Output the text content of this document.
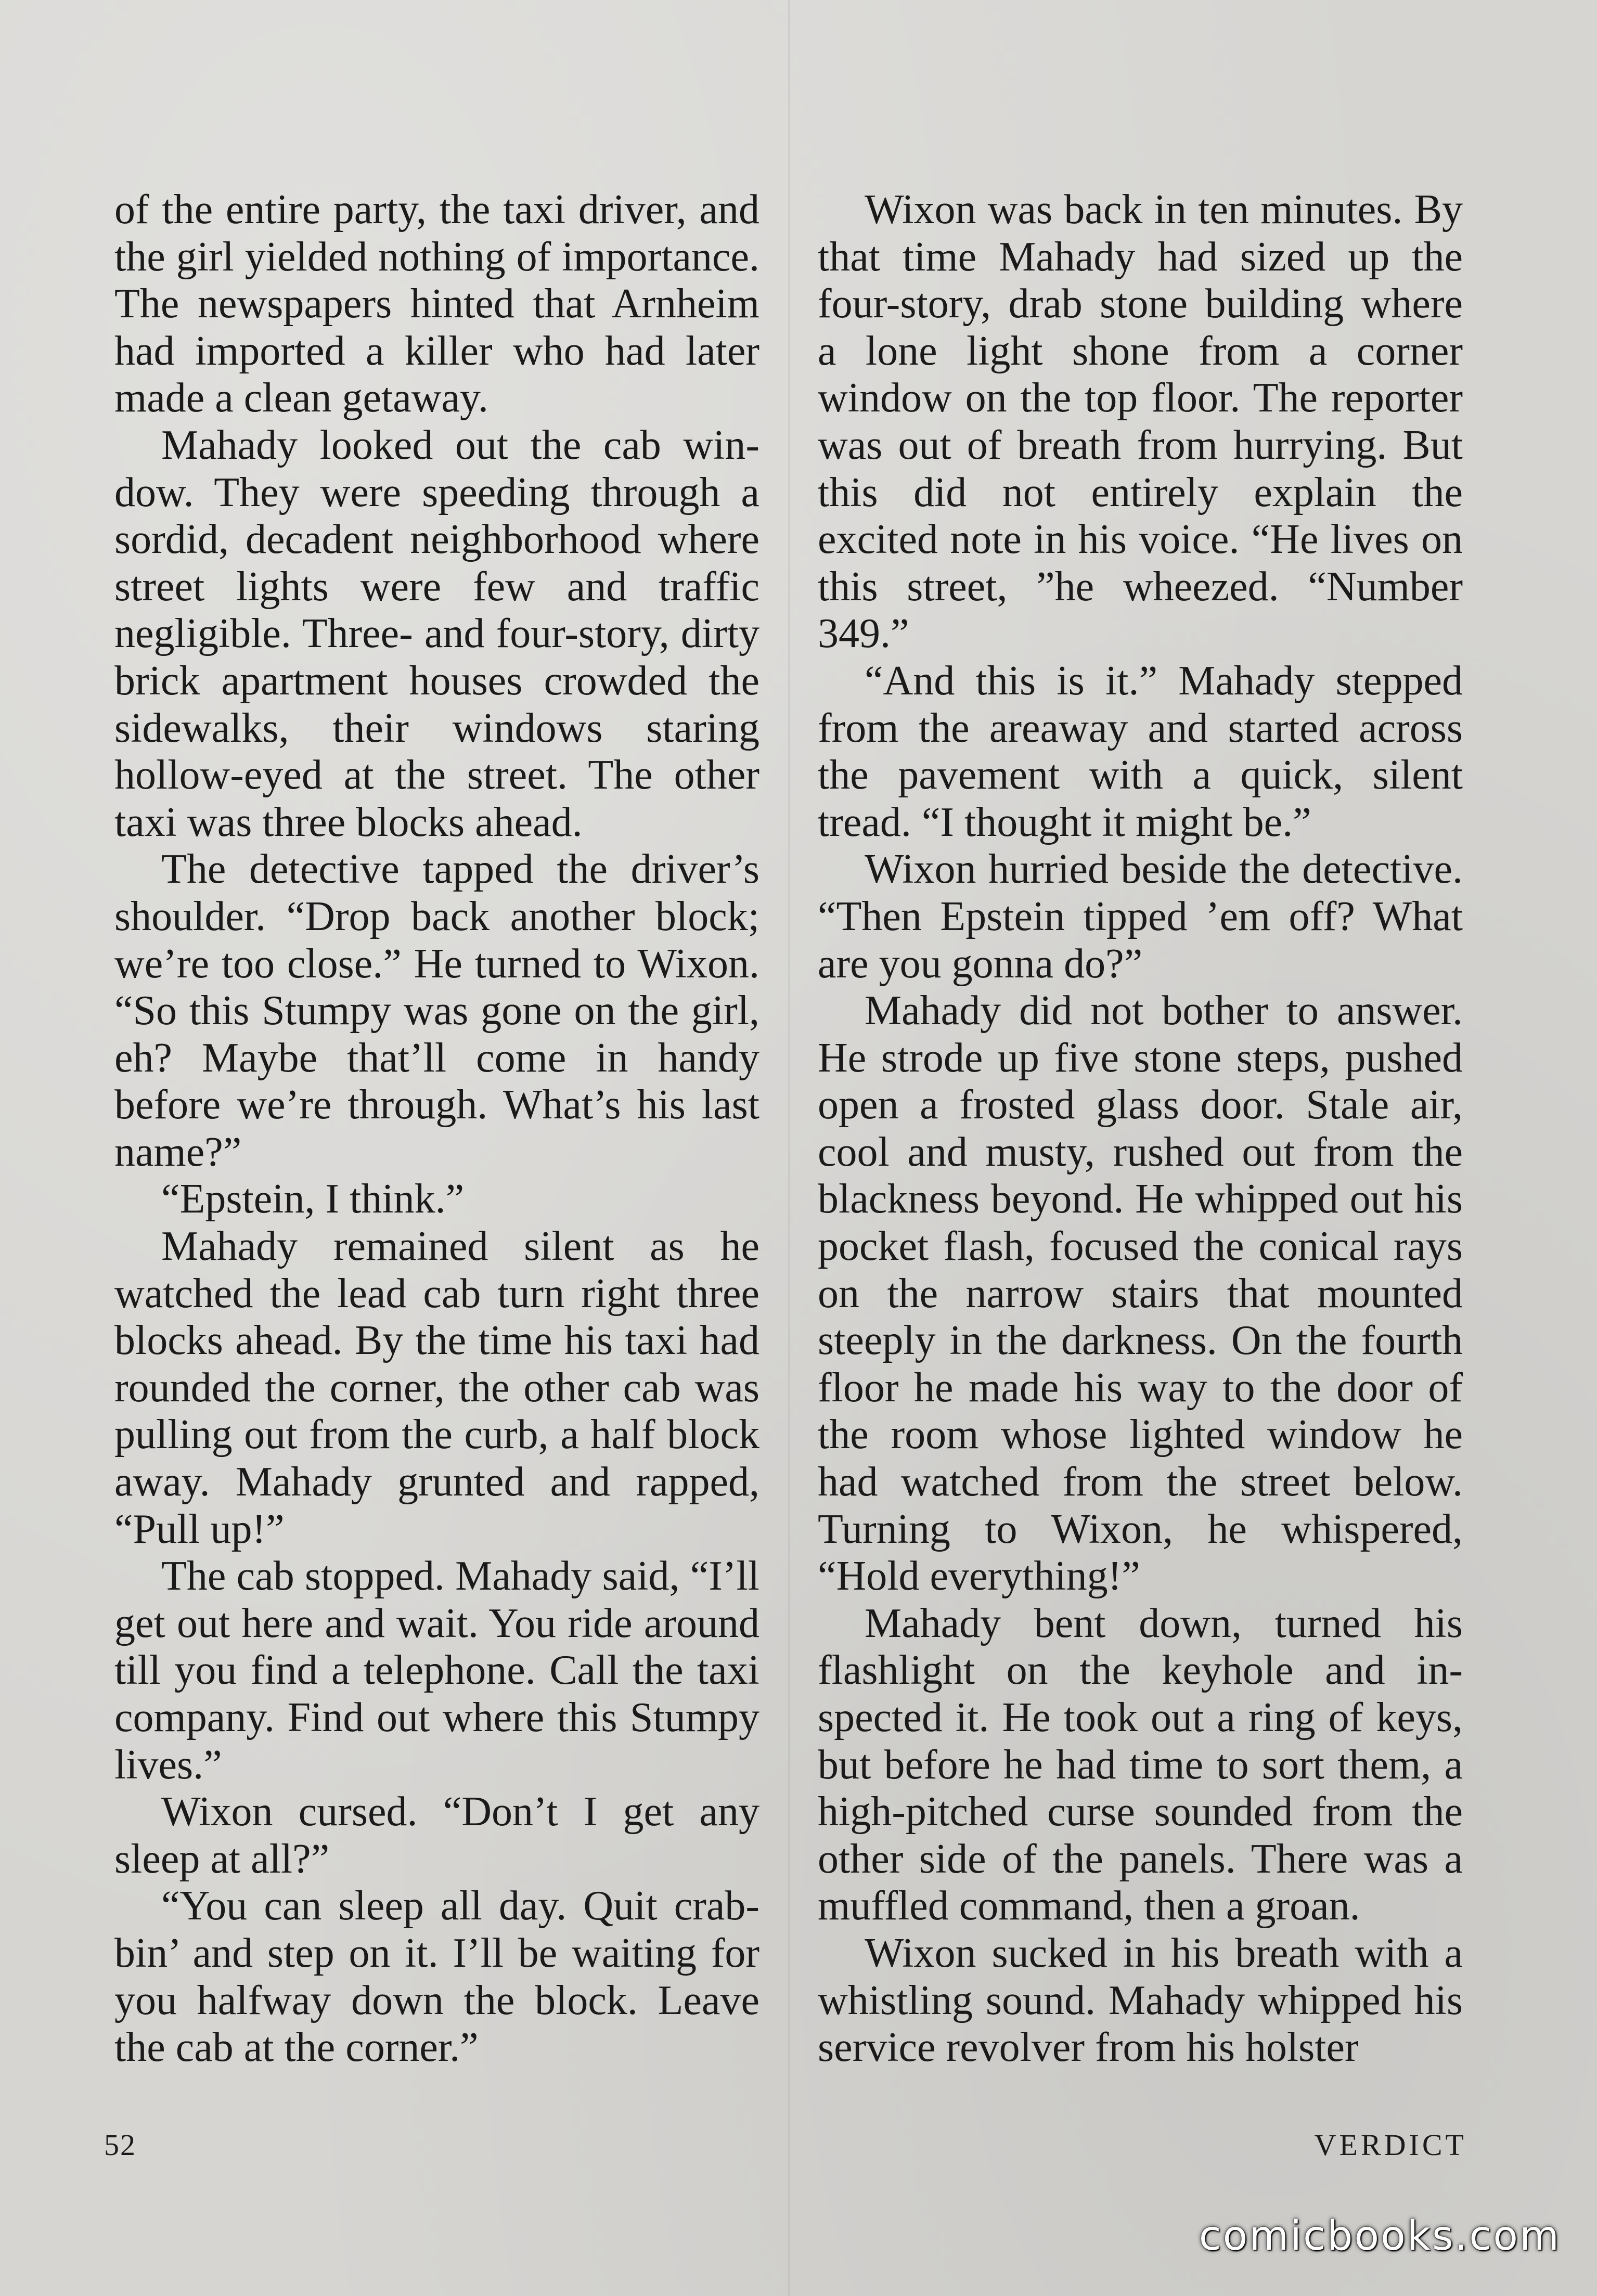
of the entire party, the taxi driver, and the girl yielded nothing of importance. The newspapers hinted that Arnheim had imported a killer who had later made a clean getaway.

Mahady looked out the cab window. They were speeding through a sordid, decadent neighborhood where street lights were few and traffic negligible. Three- and four-story, dirty brick apartment houses crowded the sidewalks, their windows staring hollow-eyed at the street. The other taxi was three blocks ahead.

The detective tapped the driver’s shoulder. “Drop back another block; we’re too close.” He turned to Wixon. “So this Stumpy was gone on the girl, eh? Maybe that’ll come in handy before we’re through. What’s his last name?”

“Epstein, I think.”

Mahady remained silent as he watched the lead cab turn right three blocks ahead. By the time his taxi had rounded the corner, the other cab was pulling out from the curb, a half block away. Mahady grunted and rapped, “Pull up!”

The cab stopped. Mahady said, “I’ll get out here and wait. You ride around till you find a telephone. Call the taxi company. Find out where this Stumpy lives.”

Wixon cursed. “Don’t I get any sleep at all?”

“You can sleep all day. Quit crabbin’ and step on it. I’ll be waiting for you halfway down the block. Leave the cab at the corner.”

Wixon was back in ten minutes. By that time Mahady had sized up the four-story, drab stone building where a lone light shone from a corner window on the top floor. The reporter was out of breath from hurrying. But this did not entirely explain the excited note in his voice. “He lives on this street, ”he wheezed. “Number 349.”

“And this is it.” Mahady stepped from the areaway and started across the pavement with a quick, silent tread. “I thought it might be.”

Wixon hurried beside the detective. “Then Epstein tipped ’em off? What are you gonna do?”

Mahady did not bother to answer. He strode up five stone steps, pushed open a frosted glass door. Stale air, cool and musty, rushed out from the blackness beyond. He whipped out his pocket flash, focused the conical rays on the narrow stairs that mounted steeply in the darkness. On the fourth floor he made his way to the door of the room whose lighted window he had watched from the street below. Turning to Wixon, he whispered, “Hold everything!”

Mahady bent down, turned his flashlight on the keyhole and inspected it. He took out a ring of keys, but before he had time to sort them, a high-pitched curse sounded from the other side of the panels. There was a muffled command, then a groan.

Wixon sucked in his breath with a whistling sound. Mahady whipped his service revolver from his holster

52	VERDICT
comicbooks.com
